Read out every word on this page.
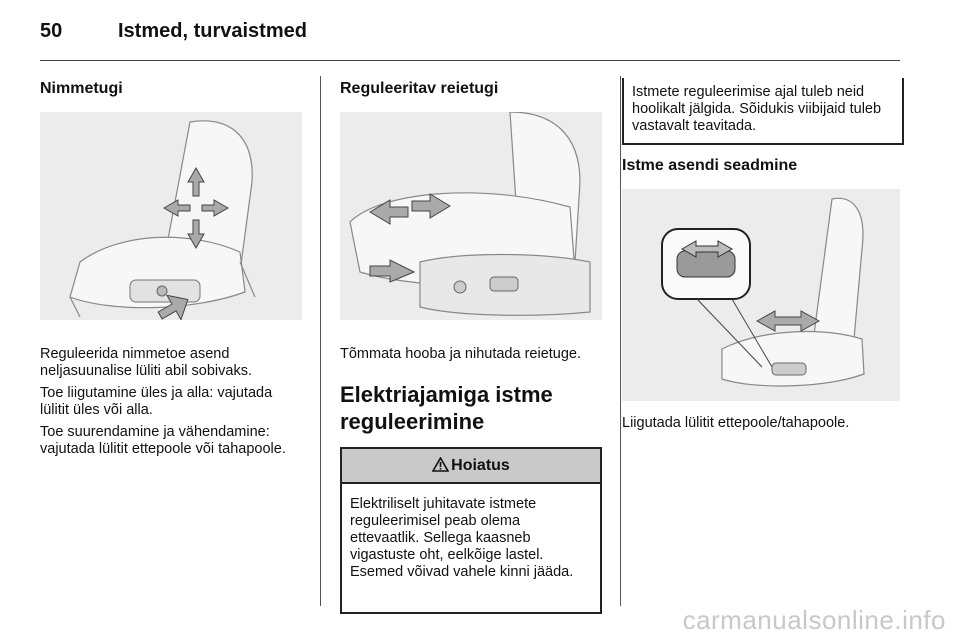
50	Istmed, turvaistmed
Nimmetugi

Reguleerida nimmetoe asend neljasuunalise lüliti abil sobivaks.

Toe liigutamine üles ja alla: vajutada lülitit üles või alla.

Toe suurendamine ja vähendamine: vajutada lülitit ettepoole või tahapoole.

Reguleeritav reietugi

Tõmmata hooba ja nihutada reietuge.

Elektriajamiga istme reguleerimine
Hoiatus
Elektriliselt juhitavate istmete reguleerimisel peab olema ettevaatlik. Sellega kaasneb vigastuste oht, eelkõige lastel. Esemed võivad vahele kinni jääda.
Istmete reguleerimise ajal tuleb neid hoolikalt jälgida. Sõidukis viibijaid tuleb vastavalt teavitada.
Istme asendi seadmine

Liigutada lülitit ettepoole/tahapoole.

carmanualsonline.info
